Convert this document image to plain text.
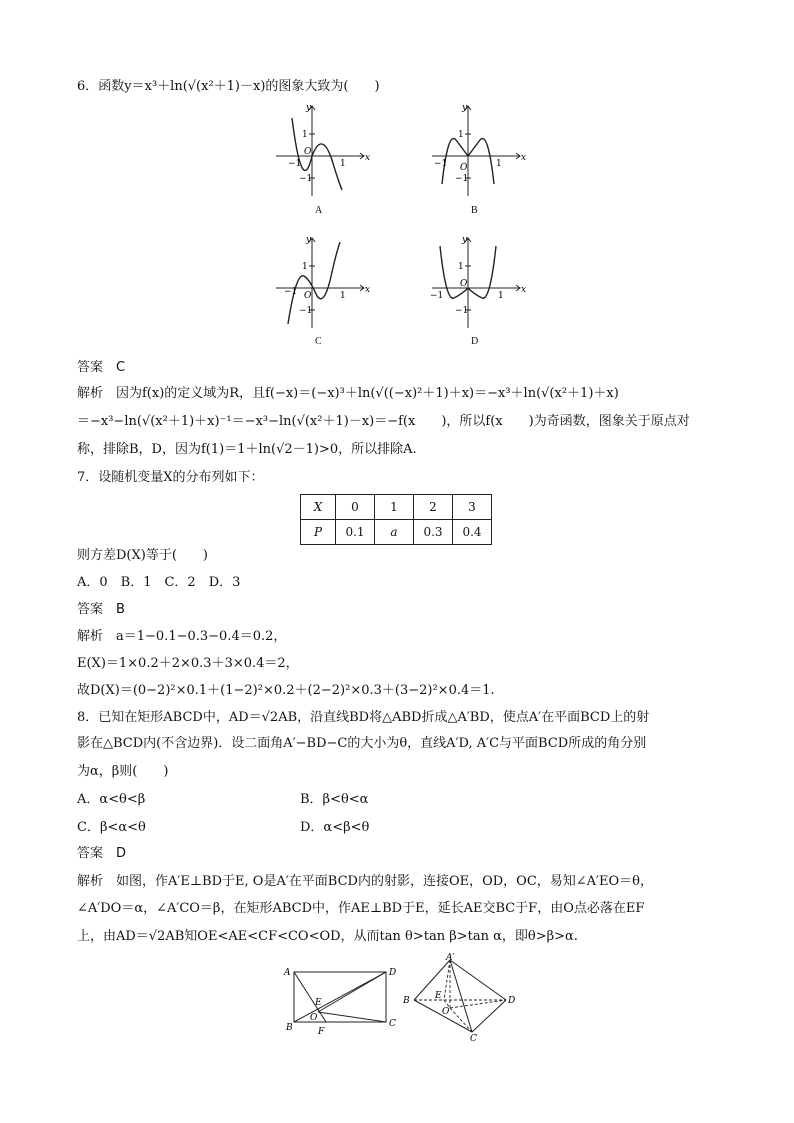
6．函数y＝x³＋ln(√(x²＋1)－x)的图象大致为(　　)
x
y
O
1
−1
−1	1
A
x
y
O
1
−1
−1	1
B
x
y
O
1
−1
−1	1
C
x
y
O
1
−1
−1	1
D
答案　C
解析　因为f(x)的定义域为R，且f(−x)＝(−x)³＋ln(√((−x)²＋1)＋x)＝−x³＋ln(√(x²＋1)＋x)
＝−x³−ln(√(x²＋1)＋x)⁻¹＝−x³−ln(√(x²＋1)－x)＝−f(x　　)，所以f(x　　)为奇函数，图象关于原点对
称，排除B，D，因为f(1)＝1＋ln(√2－1)>0，所以排除A.
7．设随机变量X的分布列如下：
X	0	1	2	3
P	0.1	a	0.3	0.4
则方差D(X)等于(　　)
A．0　B．1　C．2　D．3
答案　B
解析　a＝1−0.1−0.3−0.4＝0.2，
E(X)＝1×0.2＋2×0.3＋3×0.4＝2，
故D(X)＝(0−2)²×0.1＋(1−2)²×0.2＋(2−2)²×0.3＋(3−2)²×0.4＝1.
8．已知在矩形ABCD中，AD＝√2AB，沿直线BD将△ABD折成△A′BD，使点A′在平面BCD上的射
影在△BCD内(不含边界)．设二面角A′−BD−C的大小为θ，直线A′D, A′C与平面BCD所成的角分别
为α，β则(　　)
A．α<θ<β	B．β<θ<α
C．β<α<θ	D．α<β<θ
答案　D
解析　如图，作A′E⊥BD于E, O是A′在平面BCD内的射影，连接OE，OD，OC，易知∠A′EO＝θ，
∠A′DO＝α，∠A′CO＝β，在矩形ABCD中，作AE⊥BD于E，延长AE交BC于F，由O点必落在EF
上，由AD＝√2AB知OE<AE<CF<CO<OD，从而tan θ>tan β>tan α，即θ>β>α.
A
B	C
D
E
O
F
A′
B
C
D
E
O
